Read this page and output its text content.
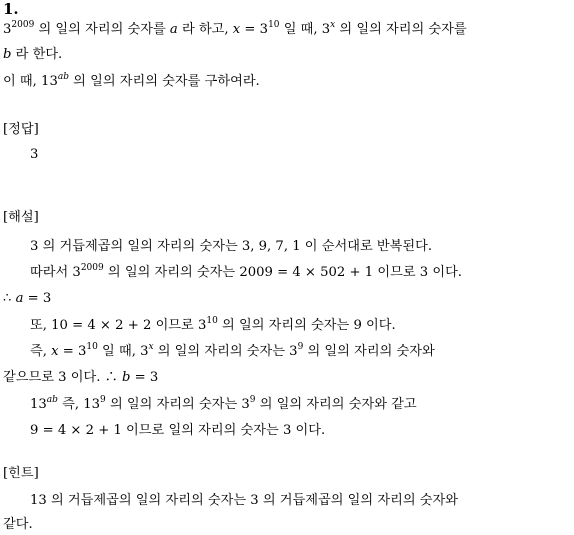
1.
$3^{2009}$ 의 일의 자리의 숫자를 a 라 하고, $x = 3^{10}$ 일 때, 3$^x$ 의 일의 자리의 숫자를
b 라 한다.
이 때, $13^{ab}$ 의 일의 자리의 숫자를 구하여라.
[정답]
3
[해설]
3 의 거듭제곱의 일의 자리의 숫자는 3, 9, 7, 1 이 순서대로 반복된다.
따라서 $3^{2009}$ 의 일의 자리의 숫자는 2009 = 4 × 502 + 1 이므로 3 이다.
∴ a = 3
또, 10 = 4 × 2 + 2 이므로 $3^{10}$ 의 일의 자리의 숫자는 9 이다.
즉, $x = 3^{10}$ 일 때, 3$^x$ 의 일의 자리의 숫자는 $3^9$ 의 일의 자리의 숫자와
같으므로 3 이다. ∴ b = 3
$13^{ab}$ 즉, $13^9$ 의 일의 자리의 숫자는 $3^9$ 의 일의 자리의 숫자와 같고
9 = 4 × 2 + 1 이므로 일의 자리의 숫자는 3 이다.
[힌트]
13 의 거듭제곱의 일의 자리의 숫자는 3 의 거듭제곱의 일의 자리의 숫자와
같다.
